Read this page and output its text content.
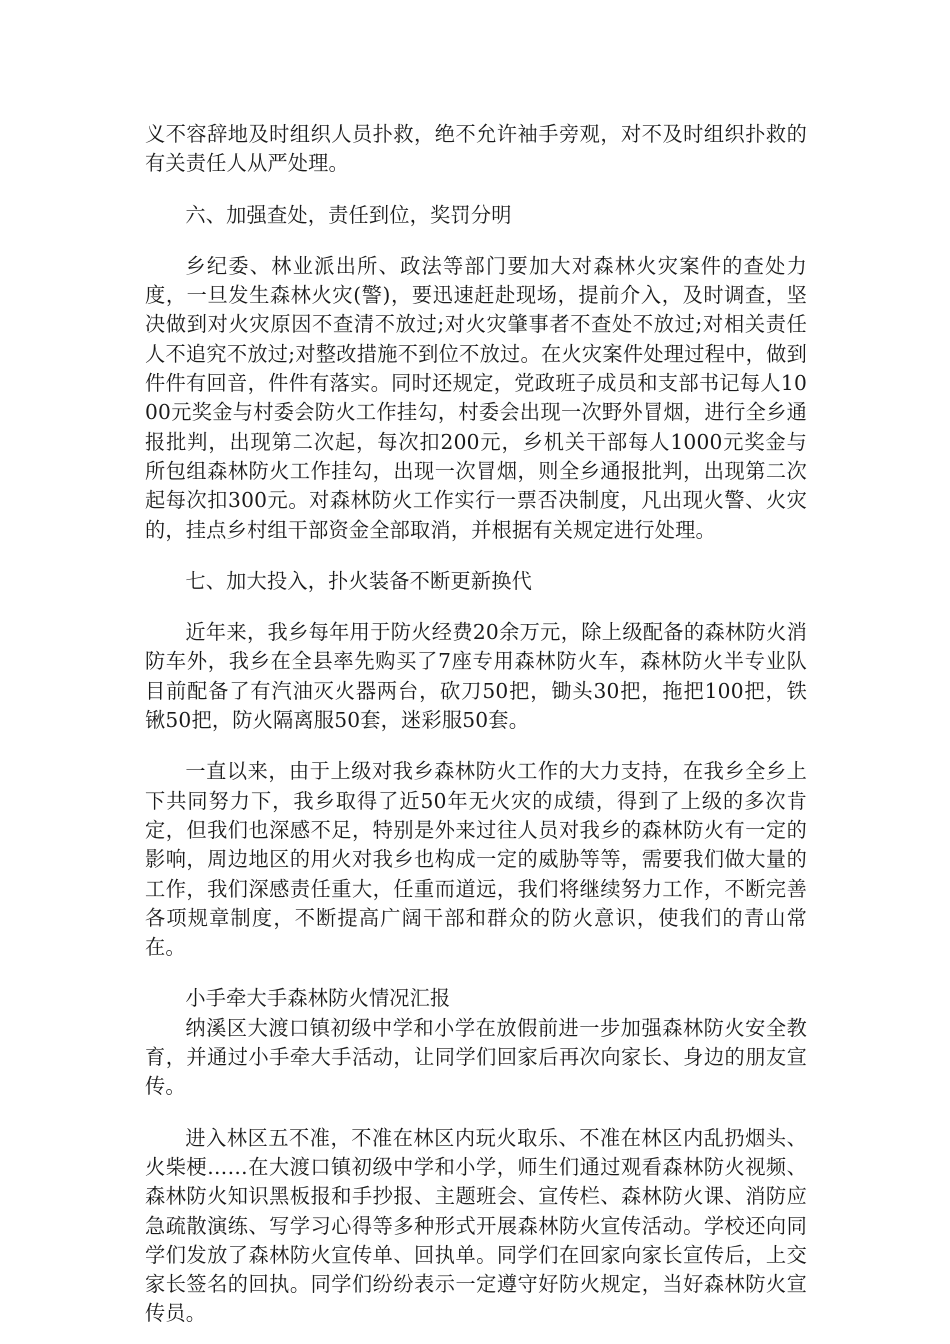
义不容辞地及时组织人员扑救，绝不允许袖手旁观，对不及时组织扑救的有关责任人从严处理。

六、加强查处，责任到位，奖罚分明

乡纪委、林业派出所、政法等部门要加大对森林火灾案件的查处力度，一旦发生森林火灾(警)，要迅速赶赴现场，提前介入，及时调查，坚决做到对火灾原因不查清不放过;对火灾肇事者不查处不放过;对相关责任人不追究不放过;对整改措施不到位不放过。在火灾案件处理过程中，做到件件有回音，件件有落实。同时还规定，党政班子成员和支部书记每人1000元奖金与村委会防火工作挂勾，村委会出现一次野外冒烟，进行全乡通报批判，出现第二次起，每次扣200元，乡机关干部每人1000元奖金与所包组森林防火工作挂勾，出现一次冒烟，则全乡通报批判，出现第二次起每次扣300元。对森林防火工作实行一票否决制度，凡出现火警、火灾的，挂点乡村组干部资金全部取消，并根据有关规定进行处理。

七、加大投入，扑火装备不断更新换代

近年来，我乡每年用于防火经费20余万元，除上级配备的森林防火消防车外，我乡在全县率先购买了7座专用森林防火车，森林防火半专业队目前配备了有汽油灭火器两台，砍刀50把，锄头30把，拖把100把，铁锹50把，防火隔离服50套，迷彩服50套。

一直以来，由于上级对我乡森林防火工作的大力支持，在我乡全乡上下共同努力下，我乡取得了近50年无火灾的成绩，得到了上级的多次肯定，但我们也深感不足，特别是外来过往人员对我乡的森林防火有一定的影响，周边地区的用火对我乡也构成一定的威胁等等，需要我们做大量的工作，我们深感责任重大，任重而道远，我们将继续努力工作，不断完善各项规章制度，不断提高广阔干部和群众的防火意识，使我们的青山常在。

小手牵大手森林防火情况汇报

纳溪区大渡口镇初级中学和小学在放假前进一步加强森林防火安全教育，并通过小手牵大手活动，让同学们回家后再次向家长、身边的朋友宣传。

进入林区五不准，不准在林区内玩火取乐、不准在林区内乱扔烟头、火柴梗……在大渡口镇初级中学和小学，师生们通过观看森林防火视频、森林防火知识黑板报和手抄报、主题班会、宣传栏、森林防火课、消防应急疏散演练、写学习心得等多种形式开展森林防火宣传活动。学校还向同学们发放了森林防火宣传单、回执单。同学们在回家向家长宣传后，上交家长签名的回执。同学们纷纷表示一定遵守好防火规定，当好森林防火宣传员。
